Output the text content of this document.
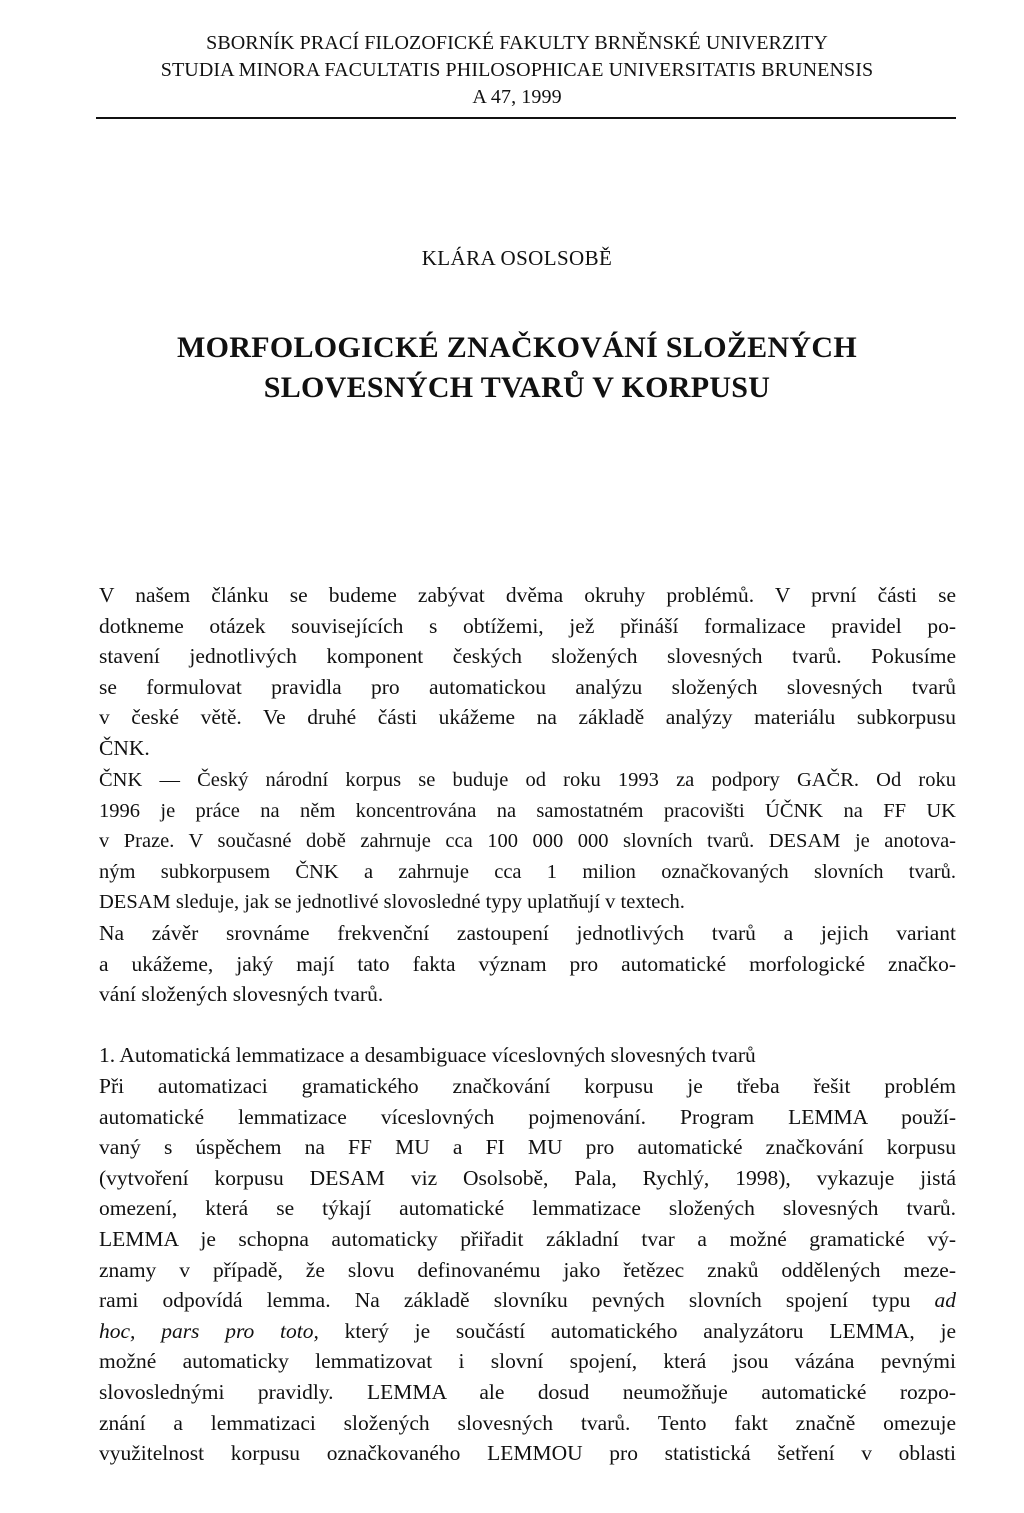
SBORNÍK PRACÍ FILOZOFICKÉ FAKULTY BRNĚNSKÉ UNIVERZITY
STUDIA MINORA FACULTATIS PHILOSOPHICAE UNIVERSITATIS BRUNENSIS
A 47, 1999
KLÁRA OSOLSOBĚ
MORFOLOGICKÉ ZNAČKOVÁNÍ SLOŽENÝCH
SLOVESNÝCH TVARŮ V KORPUSU
V našem článku se budeme zabývat dvěma okruhy problémů. V první části se
dotkneme otázek souvisejících s obtížemi, jež přináší formalizace pravidel po-
stavení jednotlivých komponent českých složených slovesných tvarů. Pokusíme
se formulovat pravidla pro automatickou analýzu složených slovesných tvarů
v české větě. Ve druhé části ukážeme na základě analýzy materiálu subkorpusu
ČNK.
ČNK — Český národní korpus se buduje od roku 1993 za podpory GAČR. Od roku
1996 je práce na něm koncentrována na samostatném pracovišti ÚČNK na FF UK
v Praze. V současné době zahrnuje cca 100 000 000 slovních tvarů. DESAM je anotova-
ným subkorpusem ČNK a zahrnuje cca 1 milion označkovaných slovních tvarů.
DESAM sleduje, jak se jednotlivé slovosledné typy uplatňují v textech.
Na závěr srovnáme frekvenční zastoupení jednotlivých tvarů a jejich variant
a ukážeme, jaký mají tato fakta význam pro automatické morfologické značko-
vání složených slovesných tvarů.
1. Automatická lemmatizace a desambiguace víceslovných slovesných tvarů
Při automatizaci gramatického značkování korpusu je třeba řešit problém
automatické lemmatizace víceslovných pojmenování. Program LEMMA použí-
vaný s úspěchem na FF MU a FI MU pro automatické značkování korpusu
(vytvoření korpusu DESAM viz Osolsobě, Pala, Rychlý, 1998), vykazuje jistá
omezení, která se týkají automatické lemmatizace složených slovesných tvarů.
LEMMA je schopna automaticky přiřadit základní tvar a možné gramatické vý-
znamy v případě, že slovu definovanému jako řetězec znaků oddělených meze-
rami odpovídá lemma. Na základě slovníku pevných slovních spojení typu ad
hoc, pars pro toto, který je součástí automatického analyzátoru LEMMA, je
možné automaticky lemmatizovat i slovní spojení, která jsou vázána pevnými
slovoslednými pravidly. LEMMA ale dosud neumožňuje automatické rozpo-
znání a lemmatizaci složených slovesných tvarů. Tento fakt značně omezuje
využitelnost korpusu označkovaného LEMMOU pro statistická šetření v oblasti
